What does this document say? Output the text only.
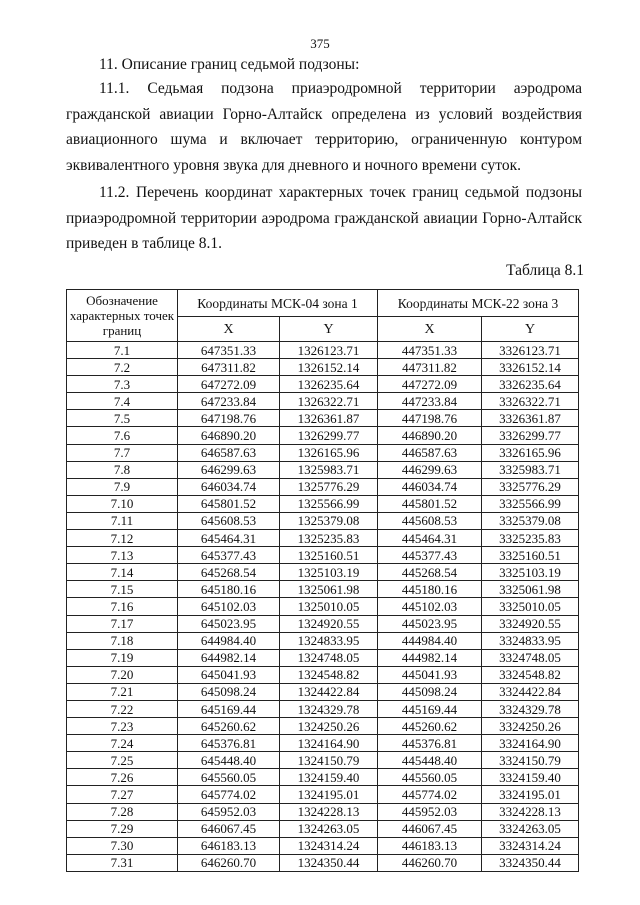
375
11. Описание границ седьмой подзоны:

11.1. Седьмая подзона приаэродромной территории аэродрома гражданской авиации Горно-Алтайск определена из условий воздействия авиационного шума и включает территорию, ограниченную контуром эквивалентного уровня звука для дневного и ночного времени суток.

11.2. Перечень координат характерных точек границ седьмой подзоны приаэродромной территории аэродрома гражданской авиации Горно-Алтайск приведен в таблице 8.1.

Таблица 8.1
Обозначение характерных точек границ	Координаты МСК-04 зона 1		Координаты МСК-22 зона 3	
	X	Y	X	Y
7.1	647351.33	1326123.71	447351.33	3326123.71
7.2	647311.82	1326152.14	447311.82	3326152.14
7.3	647272.09	1326235.64	447272.09	3326235.64
7.4	647233.84	1326322.71	447233.84	3326322.71
7.5	647198.76	1326361.87	447198.76	3326361.87
7.6	646890.20	1326299.77	446890.20	3326299.77
7.7	646587.63	1326165.96	446587.63	3326165.96
7.8	646299.63	1325983.71	446299.63	3325983.71
7.9	646034.74	1325776.29	446034.74	3325776.29
7.10	645801.52	1325566.99	445801.52	3325566.99
7.11	645608.53	1325379.08	445608.53	3325379.08
7.12	645464.31	1325235.83	445464.31	3325235.83
7.13	645377.43	1325160.51	445377.43	3325160.51
7.14	645268.54	1325103.19	445268.54	3325103.19
7.15	645180.16	1325061.98	445180.16	3325061.98
7.16	645102.03	1325010.05	445102.03	3325010.05
7.17	645023.95	1324920.55	445023.95	3324920.55
7.18	644984.40	1324833.95	444984.40	3324833.95
7.19	644982.14	1324748.05	444982.14	3324748.05
7.20	645041.93	1324548.82	445041.93	3324548.82
7.21	645098.24	1324422.84	445098.24	3324422.84
7.22	645169.44	1324329.78	445169.44	3324329.78
7.23	645260.62	1324250.26	445260.62	3324250.26
7.24	645376.81	1324164.90	445376.81	3324164.90
7.25	645448.40	1324150.79	445448.40	3324150.79
7.26	645560.05	1324159.40	445560.05	3324159.40
7.27	645774.02	1324195.01	445774.02	3324195.01
7.28	645952.03	1324228.13	445952.03	3324228.13
7.29	646067.45	1324263.05	446067.45	3324263.05
7.30	646183.13	1324314.24	446183.13	3324314.24
7.31	646260.70	1324350.44	446260.70	3324350.44
